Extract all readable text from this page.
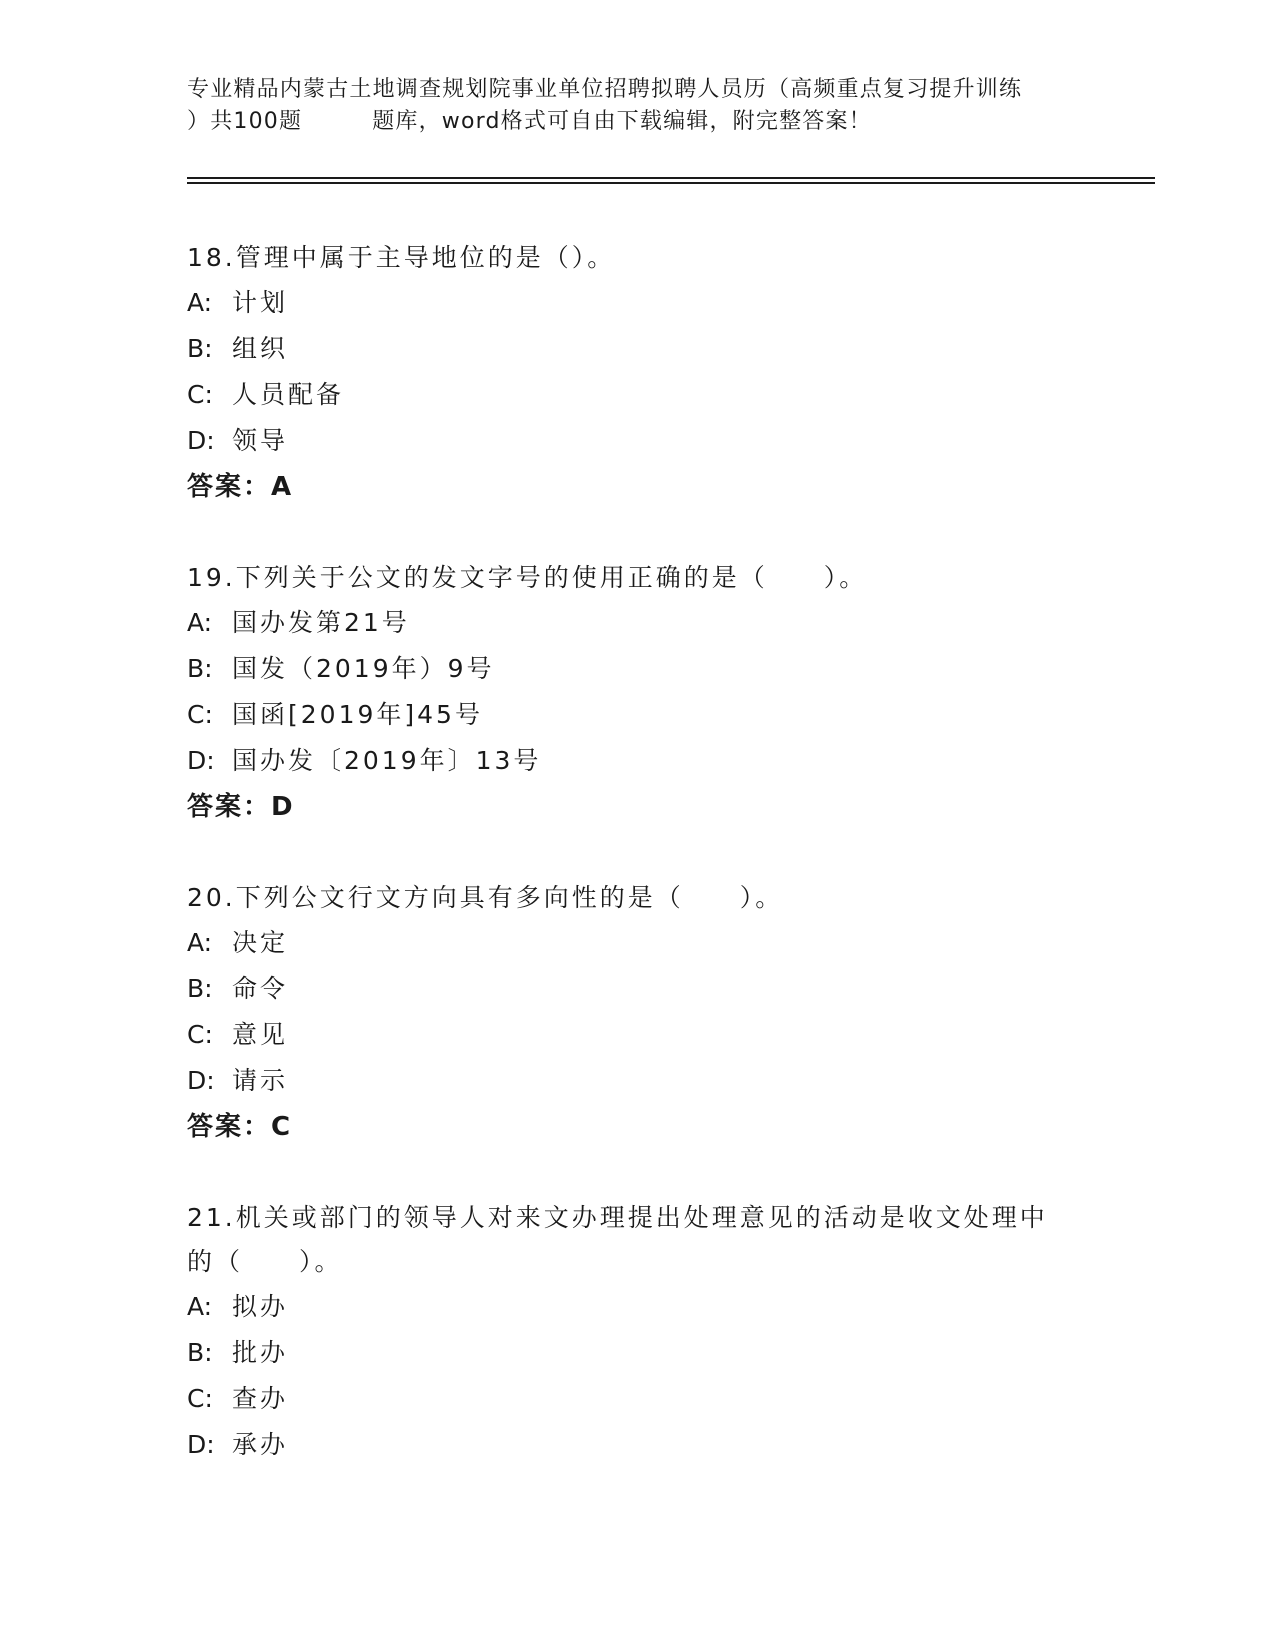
专业精品内蒙古土地调查规划院事业单位招聘拟聘人员历（高频重点复习提升训练
）共100题	题库，word格式可自由下载编辑，附完整答案！
18.管理中属于主导地位的是（）。
A: 计划
B: 组织
C: 人员配备
D: 领导
答案：A
19.下列关于公文的发文字号的使用正确的是（　　）。
A: 国办发第21号
B: 国发（2019年）9号
C: 国函[2019年]45号
D: 国办发〔2019年〕13号
答案：D
20.下列公文行文方向具有多向性的是（　　）。
A: 决定
B: 命令
C: 意见
D: 请示
答案：C
21.机关或部门的领导人对来文办理提出处理意见的活动是收文处理中
的（　　）。
A: 拟办
B: 批办
C: 查办
D: 承办
